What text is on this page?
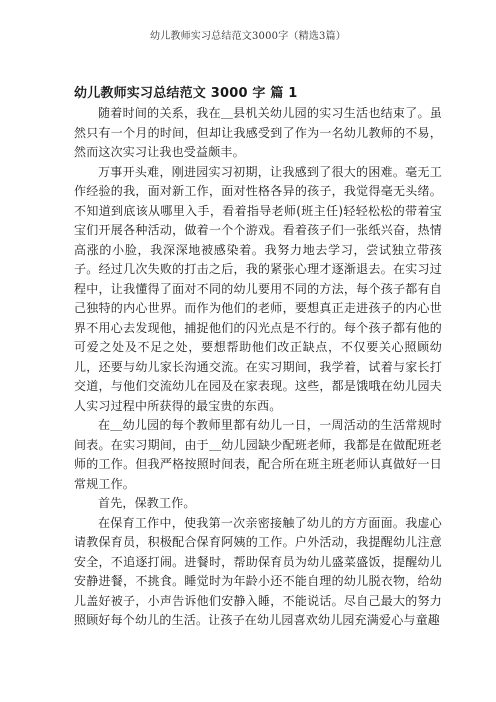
幼儿教师实习总结范文3000字（精选3篇）
幼儿教师实习总结范文 3000 字 篇 1

随着时间的关系，我在＿县机关幼儿园的实习生活也结束了。虽然只有一个月的时间，但却让我感受到了作为一名幼儿教师的不易，然而这次实习让我也受益颇丰。

万事开头难，刚进园实习初期，让我感到了很大的困难。毫无工作经验的我，面对新工作，面对性格各异的孩子，我觉得毫无头绪。不知道到底该从哪里入手，看着指导老师(班主任)轻轻松松的带着宝宝们开展各种活动，做着一个个游戏。看着孩子们一张纸兴奋，热情高涨的小脸，我深深地被感染着。我努力地去学习，尝试独立带孩子。经过几次失败的打击之后，我的紧张心理才逐渐退去。在实习过程中，让我懂得了面对不同的幼儿要用不同的方法，每个孩子都有自己独特的内心世界。而作为他们的老师，要想真正走进孩子的内心世界不用心去发现他，捕捉他们的闪光点是不行的。每个孩子都有他的可爱之处及不足之处，要想帮助他们改正缺点，不仅要关心照顾幼儿，还要与幼儿家长沟通交流。在实习期间，我学着，试着与家长打交道，与他们交流幼儿在园及在家表现。这些，都是饿哦在幼儿园夫人实习过程中所获得的最宝贵的东西。

在＿幼儿园的每个教师里都有幼儿一日，一周活动的生活常规时间表。在实习期间，由于＿幼儿园缺少配班老师，我都是在做配班老师的工作。但我严格按照时间表，配合所在班主班老师认真做好一日常规工作。

首先，保教工作。

在保育工作中，使我第一次亲密接触了幼儿的方方面面。我虚心请教保育员，积极配合保育阿姨的工作。户外活动，我提醒幼儿注意安全，不追逐打闹。进餐时，帮助保育员为幼儿盛菜盛饭，提醒幼儿安静进餐，不挑食。睡觉时为年龄小还不能自理的幼儿脱衣物，给幼儿盖好被子，小声告诉他们安静入睡，不能说话。尽自己最大的努力照顾好每个幼儿的生活。让孩子在幼儿园喜欢幼儿园充满爱心与童趣
